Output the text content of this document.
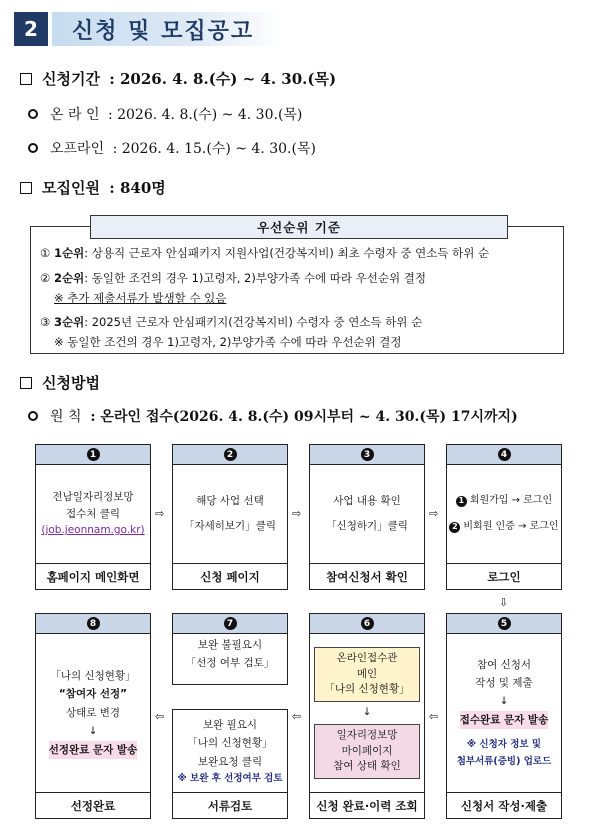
2	신청 및 모집공고
신청기간 : 2026. 4. 8.(수) ~ 4. 30.(목)
온 라 인 : 2026. 4. 8.(수) ~ 4. 30.(목)
오프라인 : 2026. 4. 15.(수) ~ 4. 30.(목)
모집인원 : 840명
우선순위 기준
① 1순위: 상용직 근로자 안심패키지 지원사업(건강복지비) 최초 수령자 중 연소득 하위 순
② 2순위: 동일한 조건의 경우 1)고령자, 2)부양가족 수에 따라 우선순위 결정
※ 추가 제출서류가 발생할 수 있음
③ 3순위: 2025년 근로자 안심패키지(건강복지비) 수령자 중 연소득 하위 순
※ 동일한 조건의 경우 1)고령자, 2)부양가족 수에 따라 우선순위 결정
신청방법
원 칙 : 온라인 접수(2026. 4. 8.(수) 09시부터 ~ 4. 30.(목) 17시까지)
1
전남일자리정보망
접수처 클릭
(job.jeonnam.go.kr)
홈페이지 메인화면
⇨
2
해당 사업 선택
「자세히보기」클릭
신청 페이지
⇨
3
사업 내용 확인
「신청하기」클릭
참여신청서 확인
⇨
4
1 회원가입 → 로그인
2 비회원 인증 → 로그인
로그인
⇩
8
「나의 신청현황」
“참여자 선정”
상태로 변경
↓
선정완료 문자 발송
선정완료
⇦
7
보완 불필요시
「선정 여부 검토」
보완 필요시
「나의 신청현황」
보완요청 클릭
※ 보완 후 선정여부 검토
서류검토
⇦
6
온라인접수관
메인
「나의 신청현황」
↓
일자리정보망
마이페이지
참여 상태 확인
신청 완료·이력 조회
⇦
5
참여 신청서
작성 및 제출
↓
접수완료 문자 발송
※ 신청자 정보 및
첨부서류(증빙) 업로드
신청서 작성·제출
